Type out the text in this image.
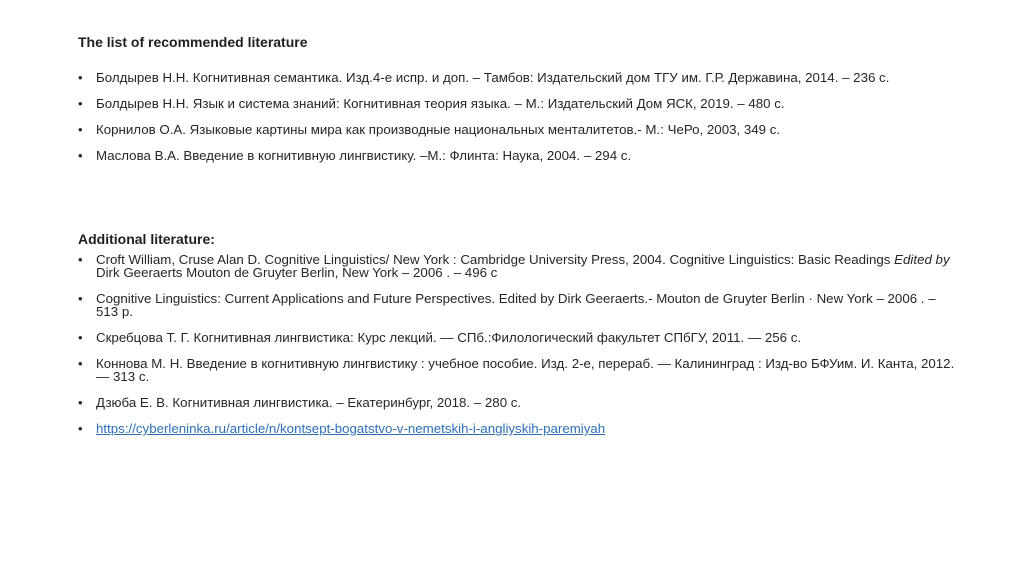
The list of recommended literature
• Болдырев Н.Н. Когнитивная семантика. Изд.4-е испр. и доп. – Тамбов: Издательский дом ТГУ им. Г.Р. Державина, 2014. – 236 с.
• Болдырев Н.Н. Язык и система знаний: Когнитивная теория языка. – М.: Издательский Дом ЯСК, 2019. – 480 с.
• Корнилов О.А. Языковые картины мира как производные национальных менталитетов.- М.: ЧеРо, 2003, 349 с.
• Маслова В.А. Введение в когнитивную лингвистику. –М.: Флинта: Наука, 2004. – 294 с.
Additional literature:
• Croft William, Cruse Alan D. Cognitive Linguistics/ New York : Cambridge University Press, 2004. Cognitive Linguistics: Basic Readings Edited by Dirk Geeraerts Mouton de Gruyter Berlin, New York – 2006 . – 496 с
• Cognitive Linguistics: Current Applications and Future Perspectives. Edited by Dirk Geeraerts.- Mouton de Gruyter Berlin · New York – 2006 . – 513 р.
• Скребцова Т. Г. Когнитивная лингвистика: Курс лекций. — СПб.:Филологический факультет СПбГУ, 2011. — 256 с.
• Коннова М. Н. Введение в когнитивную лингвистику : учебное пособие. Изд. 2-е, перераб. — Калининград : Изд-во БФУим. И. Канта, 2012. — 313 с.
• Дзюба Е. В. Когнитивная лингвистика. – Екатеринбург, 2018. – 280 с.
• https://cyberleninka.ru/article/n/kontsept-bogatstvo-v-nemetskih-i-angliyskih-paremiyah
